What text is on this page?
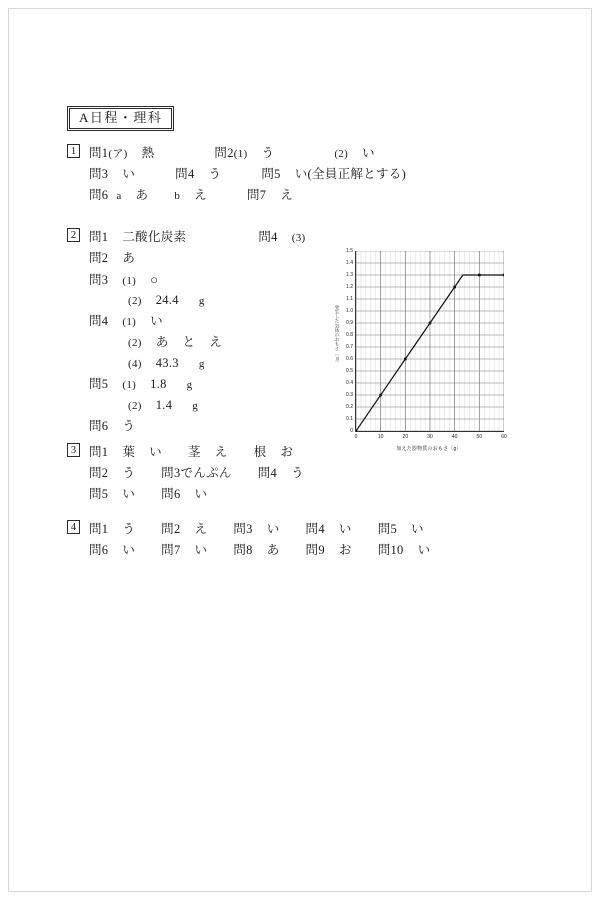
A日程・理科
1	問1(ア) 熱	問2(1) う	(2) い
問3 い	問4 う	問5 い(全員正解とする)
問6 a あ b え	問7 え
2	問1 二酸化炭素	問4 (3)
問2 あ
問3 (1) ○
(2) 24.4 g
問4 (1) い
(2) あ と え
(4) 43.3 g
問5 (1) 1.8 g
(2) 1.4 g
問6 う
発生した気体のおもさ〔g〕
0
0.1
0.2
0.3
0.4
0.5
0.6
0.7
0.8
0.9
1.0
1.1
1.2
1.3
1.4
1.5
0	10	20	30	40	50	60
加えた器物質のおもさ〔g〕
3	問1 葉 い 茎 え 根 お
問2 う 問3でんぷん 問4 う
問5 い 問6 い
4	問1 う 問2 え 問3 い 問4 い 問5 い
問6 い 問7 い 問8 あ 問9 お 問10 い
